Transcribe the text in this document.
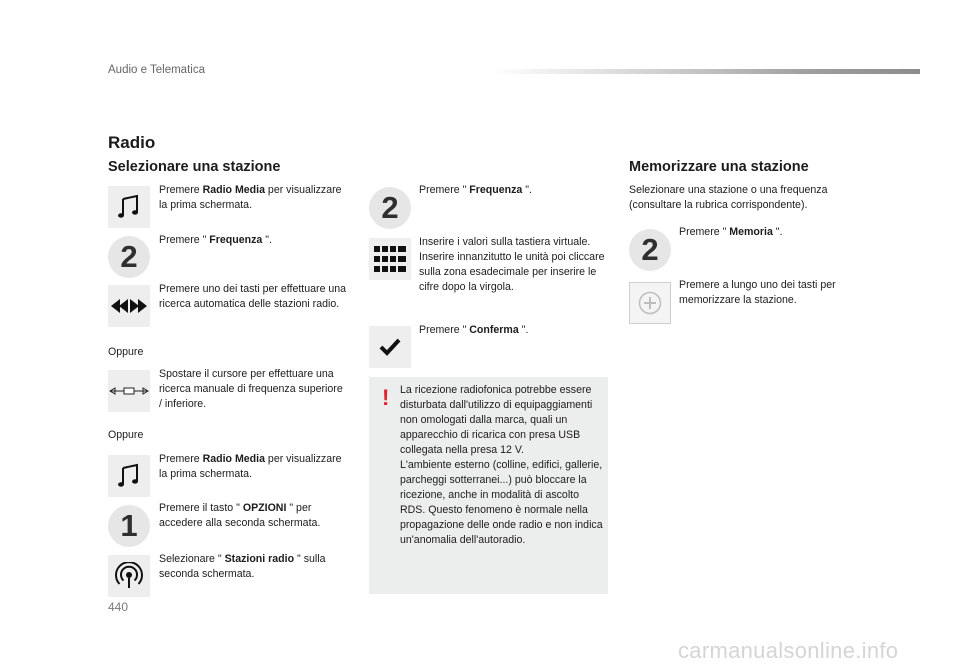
Audio e Telematica
Radio
Selezionare una stazione
Premere Radio Media per visualizzare la prima schermata.
2	Premere " Frequenza ".
Premere uno dei tasti per effettuare una ricerca automatica delle stazioni radio.
Oppure
Spostare il cursore per effettuare una ricerca manuale di frequenza superiore / inferiore.
Oppure
Premere Radio Media per visualizzare la prima schermata.
1	Premere il tasto " OPZIONI " per accedere alla seconda schermata.
Selezionare " Stazioni radio " sulla seconda schermata.
2	Premere " Frequenza ".
Inserire i valori sulla tastiera virtuale. Inserire innanzitutto le unità poi cliccare sulla zona esadecimale per inserire le cifre dopo la virgola.
Premere " Conferma ".
! La ricezione radiofonica potrebbe essere disturbata dall'utilizzo di equipaggiamenti non omologati dalla marca, quali un apparecchio di ricarica con presa USB collegata nella presa 12 V.
L'ambiente esterno (colline, edifici, gallerie, parcheggi sotterranei...) può bloccare la ricezione, anche in modalità di ascolto RDS. Questo fenomeno è normale nella propagazione delle onde radio e non indica un'anomalia dell'autoradio.
Memorizzare una stazione
Selezionare una stazione o una frequenza (consultare la rubrica corrispondente).
2	Premere " Memoria ".
Premere a lungo uno dei tasti per memorizzare la stazione.
440
carmanualsonline.info
